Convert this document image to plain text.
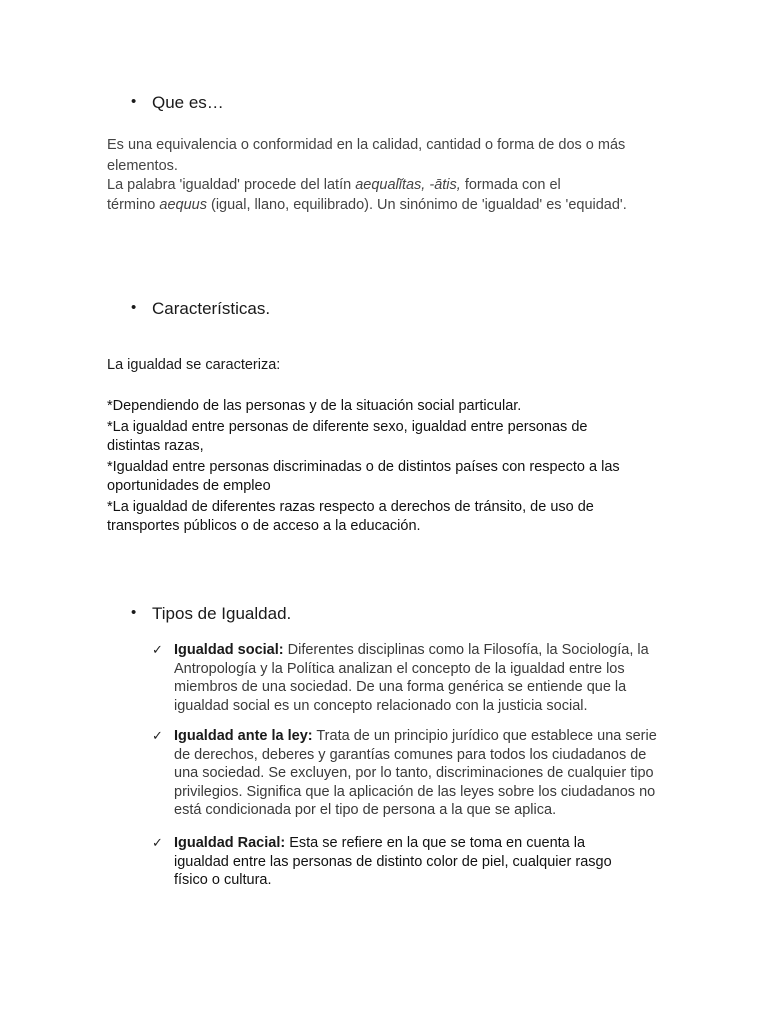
• Que es…
Es una equivalencia o conformidad en la calidad, cantidad o forma de dos o más
elementos.
La palabra 'igualdad' procede del latín aequalĭtas, -ātis, formada con el
término aequus (igual, llano, equilibrado). Un sinónimo de 'igualdad' es 'equidad'.
• Características.
La igualdad se caracteriza:
*Dependiendo de las personas y de la situación social particular.
*La igualdad entre personas de diferente sexo, igualdad entre personas de distintas razas,
*Igualdad entre personas discriminadas o de distintos países con respecto a las oportunidades de empleo
*La igualdad de diferentes razas respecto a derechos de tránsito, de uso de transportes públicos o de acceso a la educación.
• Tipos de Igualdad.
✓ Igualdad social: Diferentes disciplinas como la Filosofía, la Sociología, la Antropología y la Política analizan el concepto de la igualdad entre los miembros de una sociedad. De una forma genérica se entiende que la igualdad social es un concepto relacionado con la justicia social.
✓ Igualdad ante la ley: Trata de un principio jurídico que establece una serie de derechos, deberes y garantías comunes para todos los ciudadanos de una sociedad. Se excluyen, por lo tanto, discriminaciones de cualquier tipo privilegios. Significa que la aplicación de las leyes sobre los ciudadanos no está condicionada por el tipo de persona a la que se aplica.
✓ Igualdad Racial: Esta se refiere en la que se toma en cuenta la igualdad entre las personas de distinto color de piel, cualquier rasgo físico o cultura.
